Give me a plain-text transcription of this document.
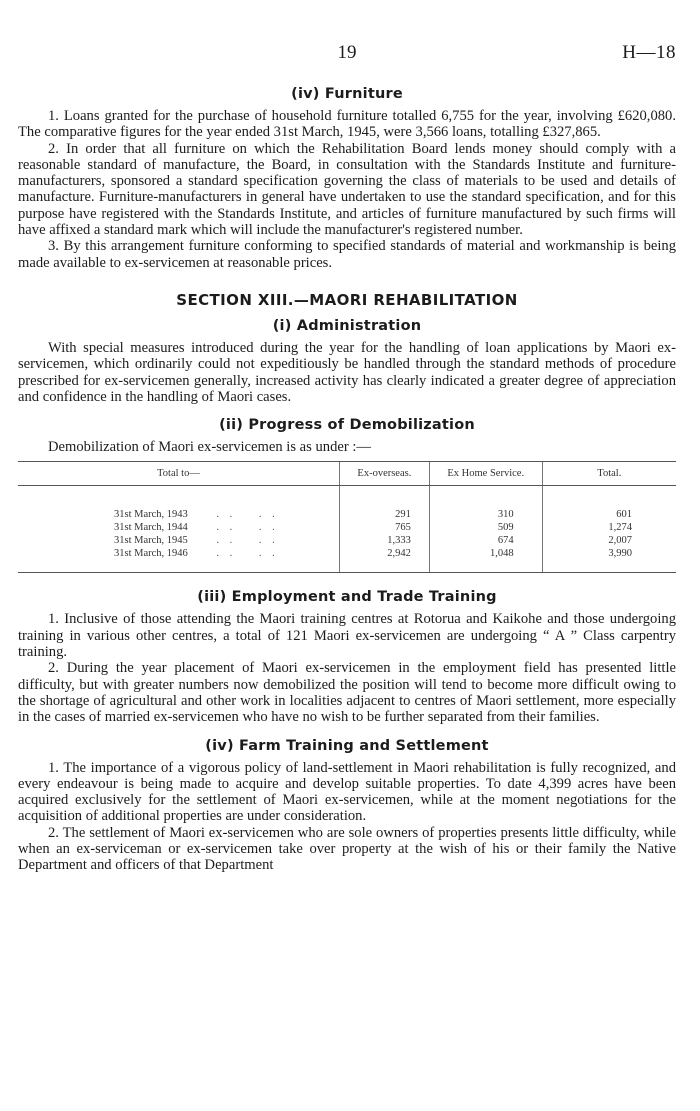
19	H—18
(iv) Furniture

1. Loans granted for the purchase of household furniture totalled 6,755 for the year, involving £620,080. The comparative figures for the year ended 31st March, 1945, were 3,566 loans, totalling £327,865.

2. In order that all furniture on which the Rehabilitation Board lends money should comply with a reasonable standard of manufacture, the Board, in consultation with the Standards Institute and furniture-manufacturers, sponsored a standard specification governing the class of materials to be used and details of manufacture. Furniture-manufacturers in general have undertaken to use the standard specification, and for this purpose have registered with the Standards Institute, and articles of furniture manufactured by such firms will have affixed a standard mark which will include the manufacturer's registered number.

3. By this arrangement furniture conforming to specified standards of material and workmanship is being made available to ex-servicemen at reasonable prices.

SECTION XIII.—MAORI REHABILITATION
(i) Administration

With special measures introduced during the year for the handling of loan applications by Maori ex-servicemen, which ordinarily could not expeditiously be handled through the standard methods of procedure prescribed for ex-servicemen generally, increased activity has clearly indicated a greater degree of appreciation and confidence in the handling of Maori cases.

(ii) Progress of Demobilization

Demobilization of Maori ex-servicemen is as under :—

Total to—	Ex-overseas.	Ex Home Service.	Total.
31st March, 1943 . . . .	291	310	601
31st March, 1944 . . . .	765	509	1,274
31st March, 1945 . . . .	1,333	674	2,007
31st March, 1946 . . . .	2,942	1,048	3,990
(iii) Employment and Trade Training

1. Inclusive of those attending the Maori training centres at Rotorua and Kaikohe and those undergoing training in various other centres, a total of 121 Maori ex-servicemen are undergoing “ A ” Class carpentry training.

2. During the year placement of Maori ex-servicemen in the employment field has presented little difficulty, but with greater numbers now demobilized the position will tend to become more difficult owing to the shortage of agricultural and other work in localities adjacent to centres of Maori settlement, more especially in the cases of married ex-servicemen who have no wish to be further separated from their families.

(iv) Farm Training and Settlement

1. The importance of a vigorous policy of land-settlement in Maori rehabilitation is fully recognized, and every endeavour is being made to acquire and develop suitable properties. To date 4,399 acres have been acquired exclusively for the settlement of Maori ex-servicemen, while at the moment negotiations for the acquisition of additional properties are under consideration.

2. The settlement of Maori ex-servicemen who are sole owners of properties presents little difficulty, while when an ex-serviceman or ex-servicemen take over property at the wish of his or their family the Native Department and officers of that Department
